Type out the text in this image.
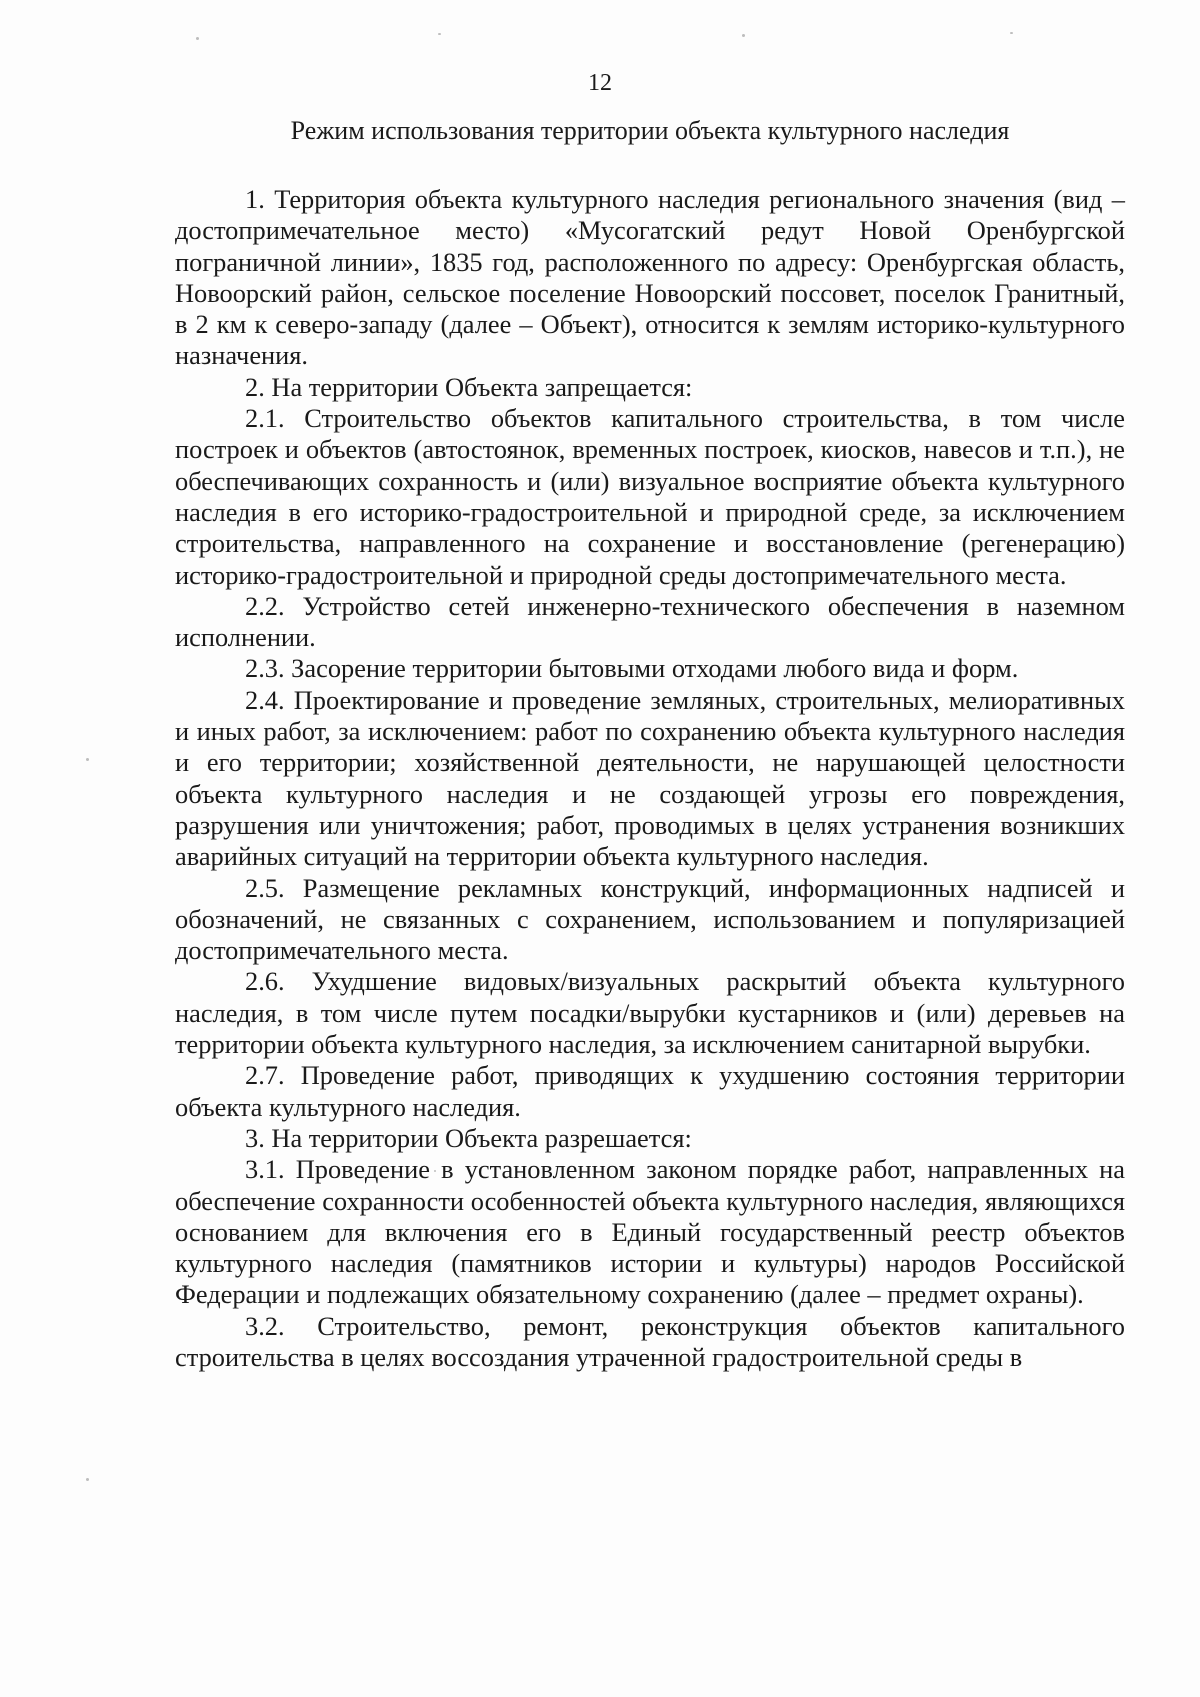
12
Режим использования территории объекта культурного наследия

1. Территория объекта культурного наследия регионального значения (вид – достопримечательное место) «Мусогатский редут Новой Оренбургской пограничной линии», 1835 год, расположенного по адресу: Оренбургская область, Новоорский район, сельское поселение Новоорский поссовет, поселок Гранитный, в 2 км к северо-западу (далее – Объект), относится к землям историко-культурного назначения.

2. На территории Объекта запрещается:

2.1. Строительство объектов капитального строительства, в том числе построек и объектов (автостоянок, временных построек, киосков, навесов и т.п.), не обеспечивающих сохранность и (или) визуальное восприятие объекта культурного наследия в его историко-градостроительной и природной среде, за исключением строительства, направленного на сохранение и восстановление (регенерацию) историко-градостроительной и природной среды достопримечательного места.

2.2. Устройство сетей инженерно-технического обеспечения в наземном исполнении.

2.3. Засорение территории бытовыми отходами любого вида и форм.

2.4. Проектирование и проведение земляных, строительных, мелиоративных и иных работ, за исключением: работ по сохранению объекта культурного наследия и его территории; хозяйственной деятельности, не нарушающей целостности объекта культурного наследия и не создающей угрозы его повреждения, разрушения или уничтожения; работ, проводимых в целях устранения возникших аварийных ситуаций на территории объекта культурного наследия.

2.5. Размещение рекламных конструкций, информационных надписей и обозначений, не связанных с сохранением, использованием и популяризацией достопримечательного места.

2.6. Ухудшение видовых/визуальных раскрытий объекта культурного наследия, в том числе путем посадки/вырубки кустарников и (или) деревьев на территории объекта культурного наследия, за исключением санитарной вырубки.

2.7. Проведение работ, приводящих к ухудшению состояния территории объекта культурного наследия.

3. На территории Объекта разрешается:

3.1. Проведение в установленном законом порядке работ, направленных на обеспечение сохранности особенностей объекта культурного наследия, являющихся основанием для включения его в Единый государственный реестр объектов культурного наследия (памятников истории и культуры) народов Российской Федерации и подлежащих обязательному сохранению (далее – предмет охраны).

3.2. Строительство, ремонт, реконструкция объектов капитального строительства в целях воссоздания утраченной градостроительной среды в
